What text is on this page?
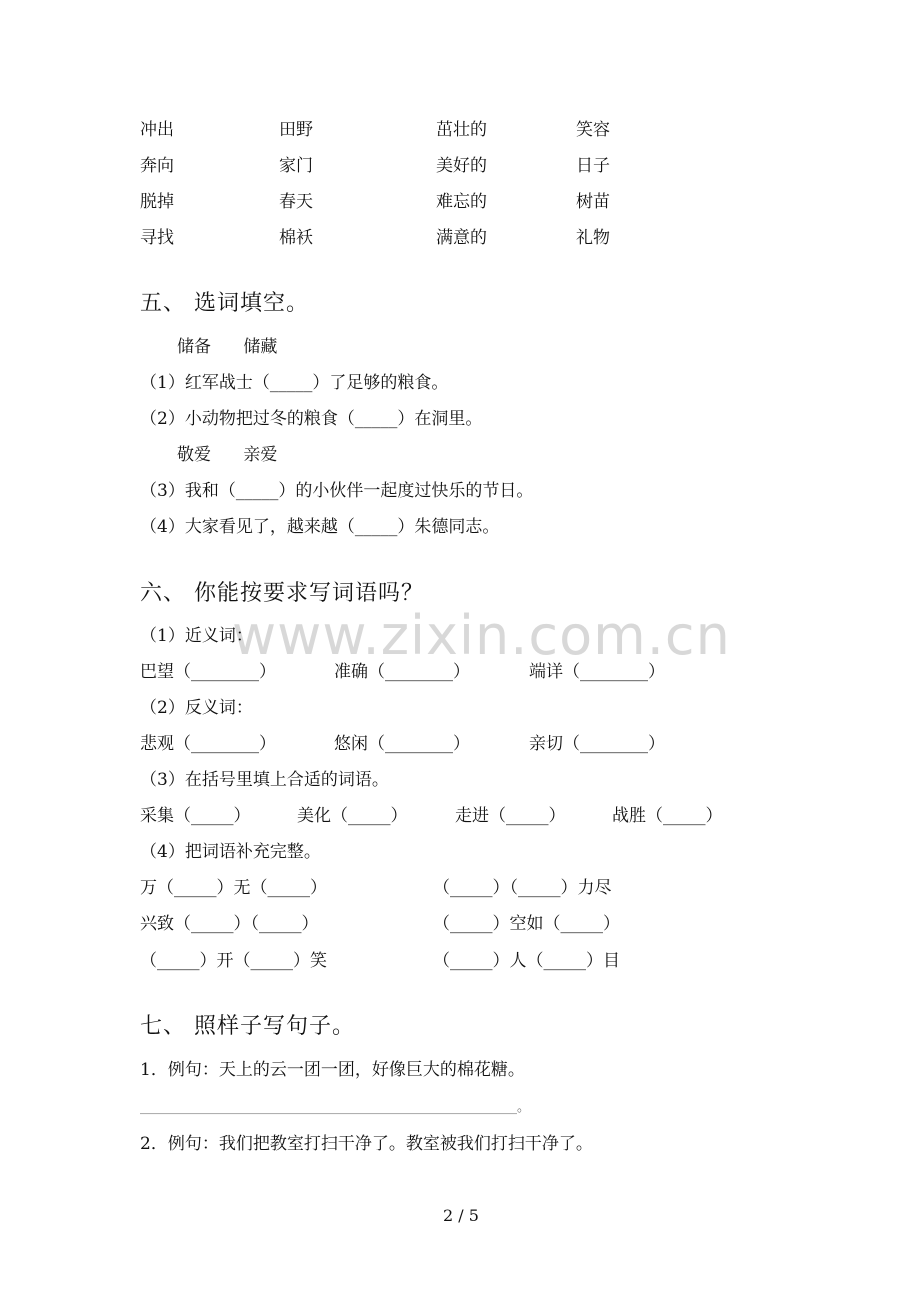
冲出	田野	茁壮的	笑容
奔向	家门	美好的	日子
脱掉	春天	难忘的	树苗
寻找	棉袄	满意的	礼物
五、 选词填空。
储备      储藏
（1）红军战士（_____）了足够的粮食。
（2）小动物把过冬的粮食（_____）在洞里。
敬爱      亲爱
（3）我和（_____）的小伙伴一起度过快乐的节日。
（4）大家看见了，越来越（_____）朱德同志。
www.zixin.com.cn
六、 你能按要求写词语吗？
（1）近义词：
巴望（________）	准确（________）	端详（________）
（2）反义词：
悲观（________）	悠闲（________）	亲切（________）
（3）在括号里填上合适的词语。
采集（_____）	美化（_____）	走进（_____）	战胜（_____）
（4）把词语补充完整。
万（_____）无（_____）	（_____）（_____）力尽
兴致（_____）（_____）	（_____）空如（_____）
（_____）开（_____）笑	（_____）人（_____）目
七、 照样子写句子。
1．例句：天上的云一团一团，好像巨大的棉花糖。
__________________________________________________________。
2．例句：我们把教室打扫干净了。教室被我们打扫干净了。
2 / 5
